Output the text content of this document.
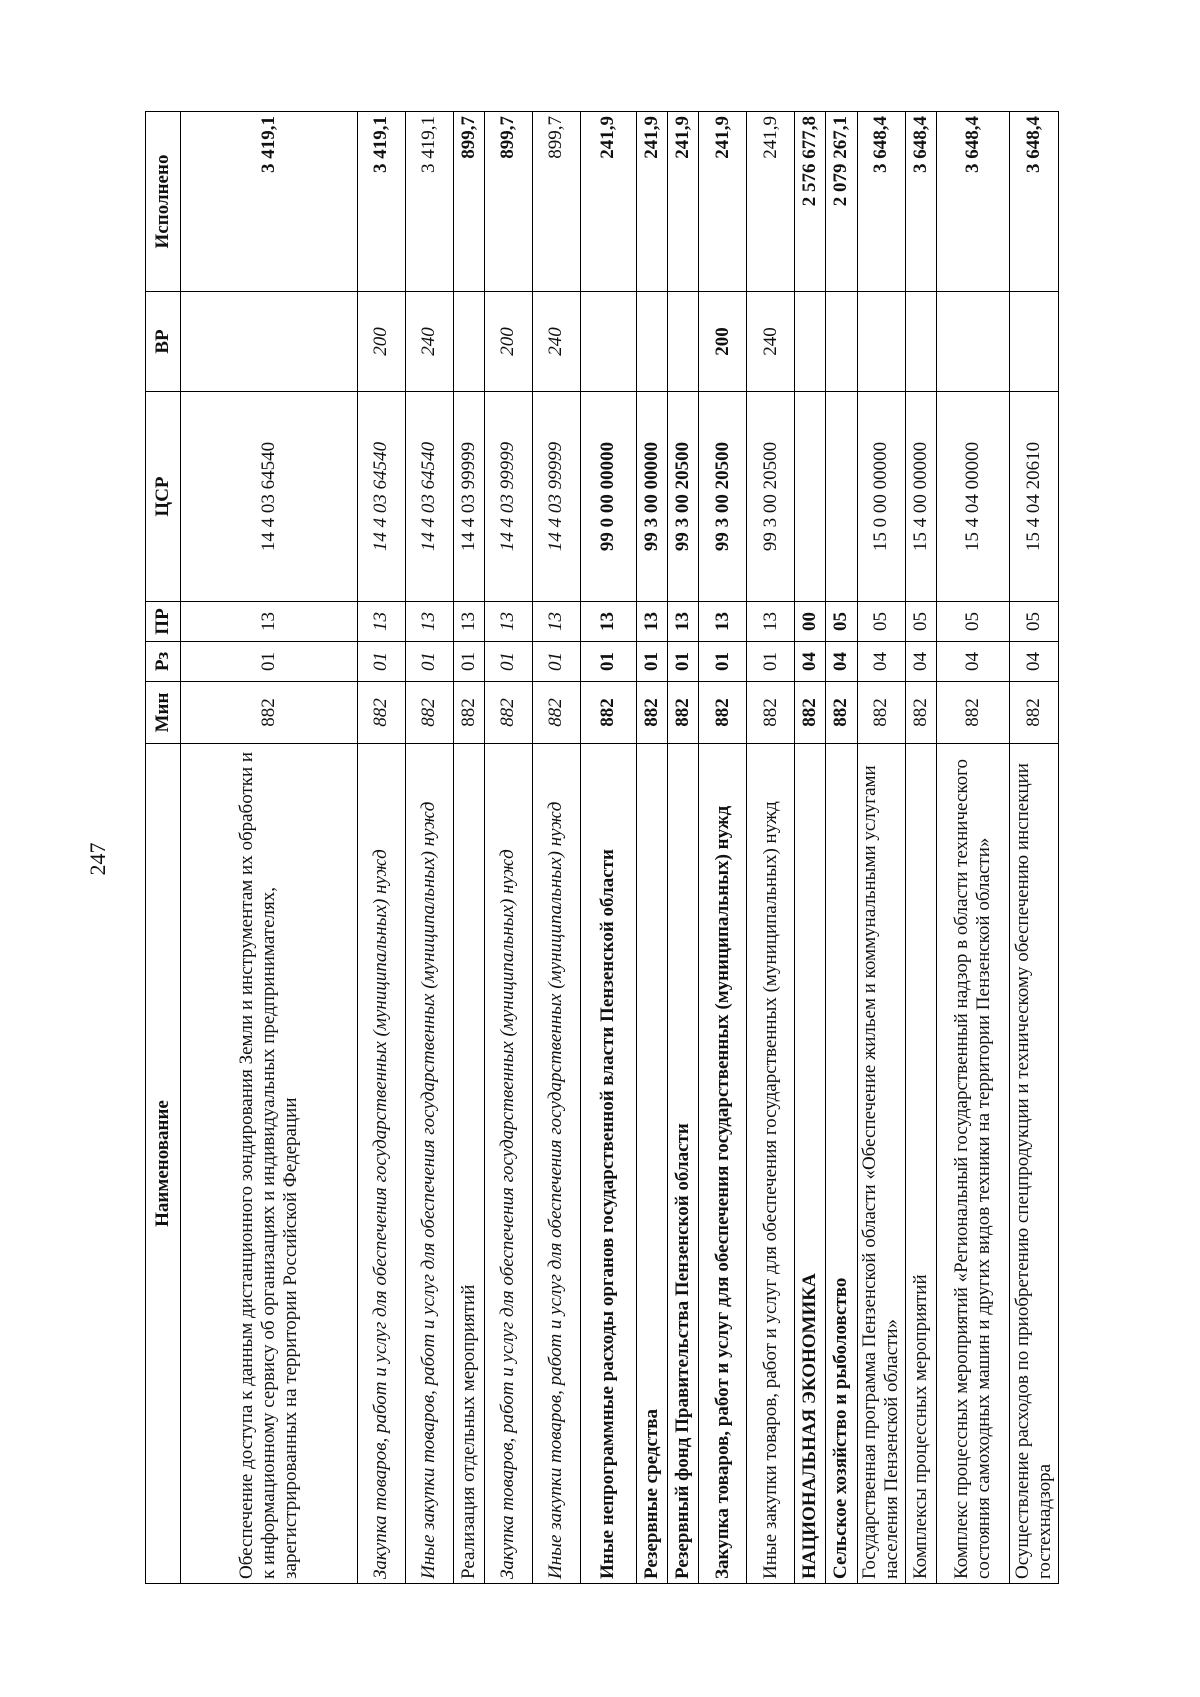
247
Наименование	Мин	Рз	ПР	ЦСР	ВР	Исполнено
Обеспечение доступа к данным дистанционного зондирования Земли и инструментам их обработки и к информационному сервису об организациях и индивидуальных предпринимателях, зарегистрированных на территории Российской Федерации	882	01	13	14 4 03 64540		3 419,1
Закупка товаров, работ и услуг для обеспечения государственных (муниципальных) нужд	882	01	13	14 4 03 64540	200	3 419,1
Иные закупки товаров, работ и услуг для обеспечения государственных (муниципальных) нужд	882	01	13	14 4 03 64540	240	3 419,1
Реализация отдельных мероприятий	882	01	13	14 4 03 99999		899,7
Закупка товаров, работ и услуг для обеспечения государственных (муниципальных) нужд	882	01	13	14 4 03 99999	200	899,7
Иные закупки товаров, работ и услуг для обеспечения государственных (муниципальных) нужд	882	01	13	14 4 03 99999	240	899,7
Иные непрограммные расходы органов государственной власти Пензенской области	882	01	13	99 0 00 00000		241,9
Резервные средства	882	01	13	99 3 00 00000		241,9
Резервный фонд Правительства Пензенской области	882	01	13	99 3 00 20500		241,9
Закупка товаров, работ и услуг для обеспечения государственных (муниципальных) нужд	882	01	13	99 3 00 20500	200	241,9
Иные закупки товаров, работ и услуг для обеспечения государственных (муниципальных) нужд	882	01	13	99 3 00 20500	240	241,9
НАЦИОНАЛЬНАЯ ЭКОНОМИКА	882	04	00			2 576 677,8
Сельское хозяйство и рыболовство	882	04	05			2 079 267,1
Государственная программа Пензенской области «Обеспечение жильем и коммунальными услугами населения Пензенской области»	882	04	05	15 0 00 00000		3 648,4
Комплексы процессных мероприятий	882	04	05	15 4 00 00000		3 648,4
Комплекс процессных мероприятий «Региональный государственный надзор в области технического состояния самоходных машин и других видов техники на территории Пензенской области»	882	04	05	15 4 04 00000		3 648,4
Осуществление расходов по приобретению спецпродукции и техническому обеспечению инспекции гостехнадзора	882	04	05	15 4 04 20610		3 648,4
